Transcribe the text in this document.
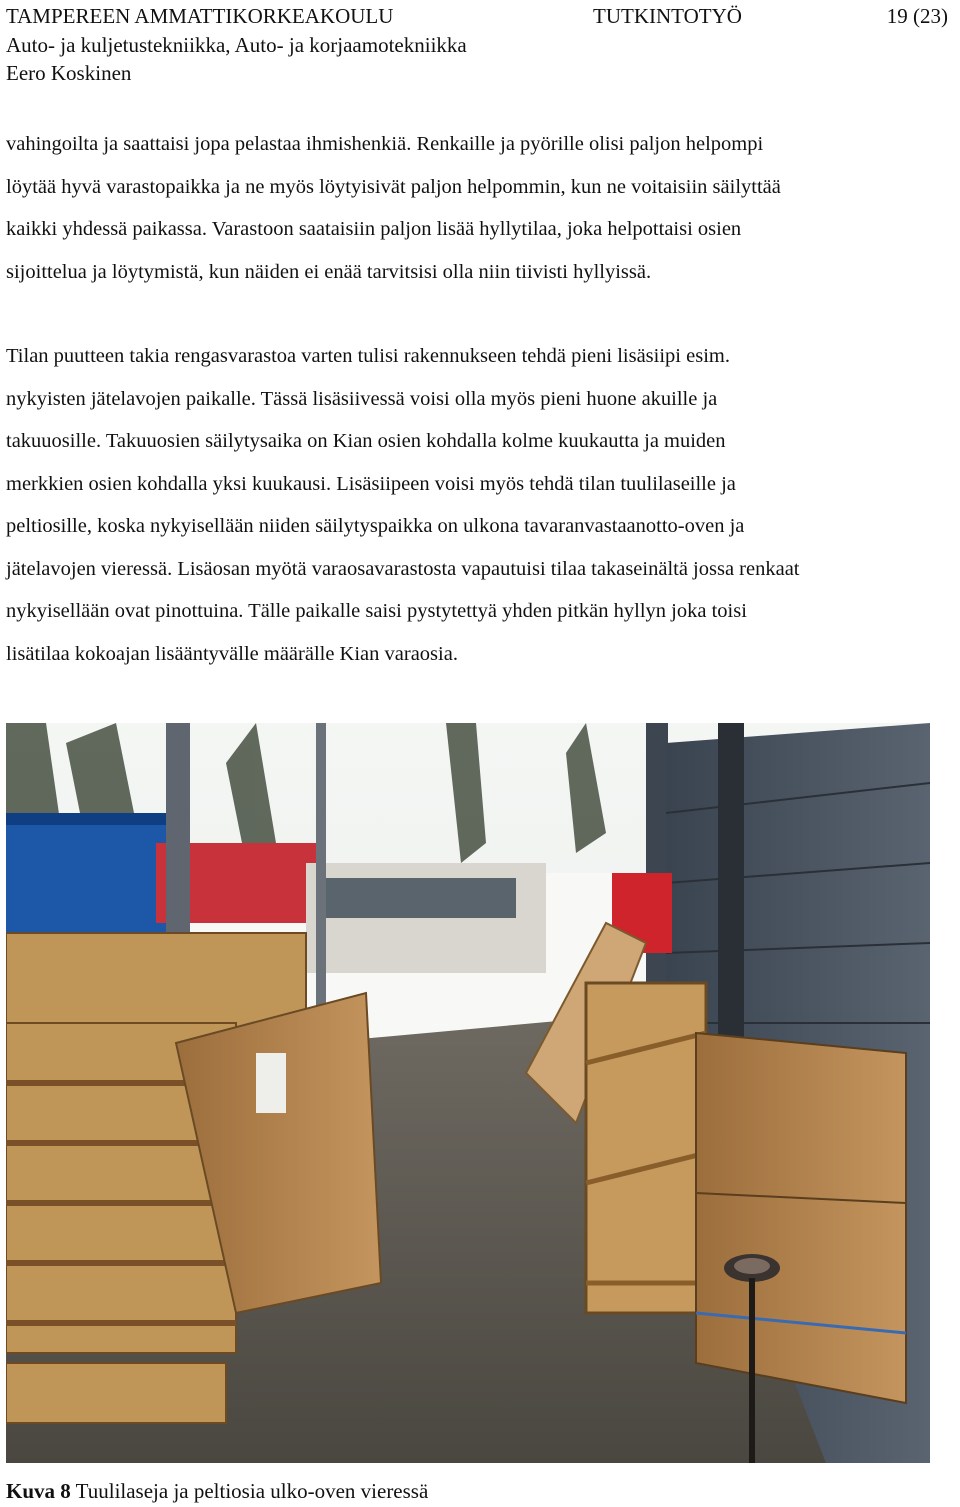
TAMPEREEN AMMATTIKORKEAKOULU	TUTKINTOTYÖ	19 (23)
Auto- ja kuljetustekniikka, Auto- ja korjaamotekniikka
Eero Koskinen
vahingoilta ja saattaisi jopa pelastaa ihmishenkiä. Renkaille ja pyörille olisi paljon helpompi
löytää hyvä varastopaikka ja ne myös löytyisivät paljon helpommin, kun ne voitaisiin säilyttää
kaikki yhdessä paikassa. Varastoon saataisiin paljon lisää hyllytilaa, joka helpottaisi osien
sijoittelua ja löytymistä, kun näiden ei enää tarvitsisi olla niin tiivisti hyllyissä.
Tilan puutteen takia rengasvarastoa varten tulisi rakennukseen tehdä pieni lisäsiipi esim.
nykyisten jätelavojen paikalle. Tässä lisäsiivessä voisi olla myös pieni huone akuille ja
takuuosille. Takuuosien säilytysaika on Kian osien kohdalla kolme kuukautta ja muiden
merkkien osien kohdalla yksi kuukausi. Lisäsiipeen voisi myös tehdä tilan tuulilaseille ja
peltiosille, koska nykyisellään niiden säilytyspaikka on ulkona tavaranvastaanotto-oven ja
jätelavojen vieressä. Lisäosan myötä varaosavarastosta vapautuisi tilaa takaseinältä jossa renkaat
nykyisellään ovat pinottuina. Tälle paikalle saisi pystytettyä yhden pitkän hyllyn joka toisi
lisätilaa kokoajan lisääntyvälle määrälle Kian varaosia.
Kuva 8 Tuulilaseja ja peltiosia ulko-oven vieressä
